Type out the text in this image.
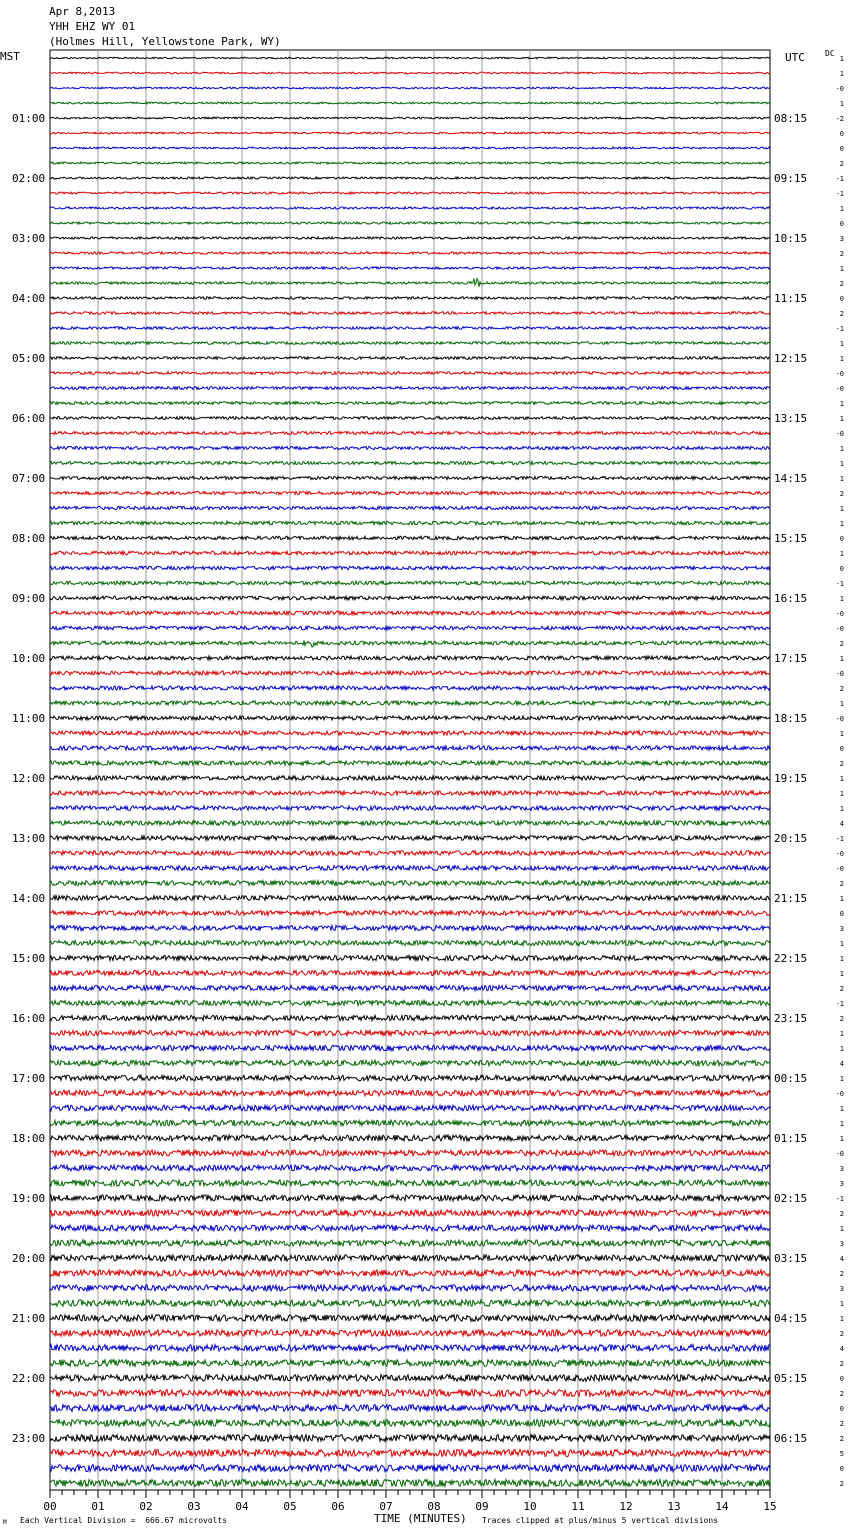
Apr 8,2013
YHH EHZ WY 01
(Holmes Hill, Yellowstone Park, WY)
MST	UTC	DC
01:00
02:00
03:00
04:00
05:00
06:00
07:00
08:00
09:00
10:00
11:00
12:00
13:00
14:00
15:00
16:00
17:00
18:00
19:00
20:00
21:00
22:00
23:00
08:15
09:15
10:15
11:15
12:15
13:15
14:15
15:15
16:15
17:15
18:15
19:15
20:15
21:15
22:15
23:15
00:15
01:15
02:15
03:15
04:15
05:15
06:15
1
1
-0
1
-2
0
0
2
-1
-1
1
0
3
2
1
2
0
2
-1
1
1
-0
-0
1
1
-0
1
1
1
2
1
1
0
1
0
-1
1
-0
-0
2
1
-0
2
1
-0
1
0
2
1
1
1
4
-1
-0
-0
2
1
0
3
1
1
1
2
-1
2
1
1
4
1
-0
1
1
1
-0
3
3
-1
2
1
3
4
2
3
1
1
2
4
2
0
2
0
2
2
5
0
2
00	01	02	03	04	05	06	07	08	09	10	11	12	13	14	15
M Each Vertical Division =  666.67 microvolts	TIME (MINUTES) Traces clipped at plus/minus 5 vertical divisions
